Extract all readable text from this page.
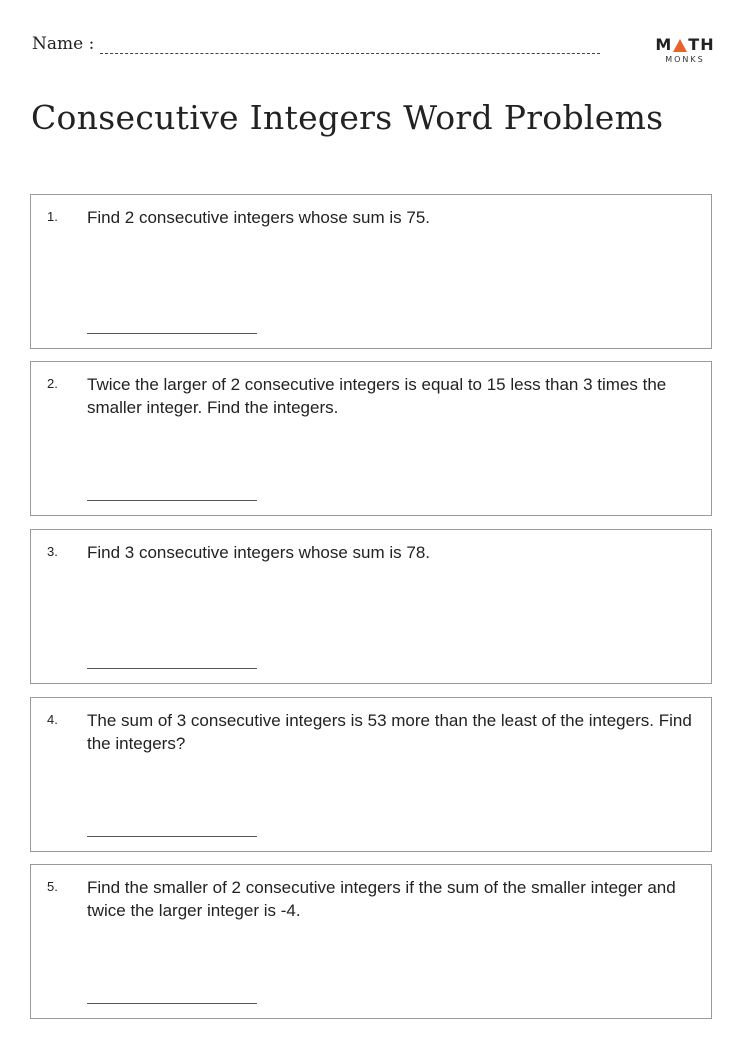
Name :	M TH
MONKS
Consecutive Integers Word Problems
1. Find 2 consecutive integers whose sum is 75.
2. Twice the larger of 2 consecutive integers is equal to 15 less than 3 times the smaller integer. Find the integers.
3. Find 3 consecutive integers whose sum is 78.
4. The sum of 3 consecutive integers is 53 more than the least of the integers. Find the integers?
5. Find the smaller of 2 consecutive integers if the sum of the smaller integer and twice the larger integer is -4.
